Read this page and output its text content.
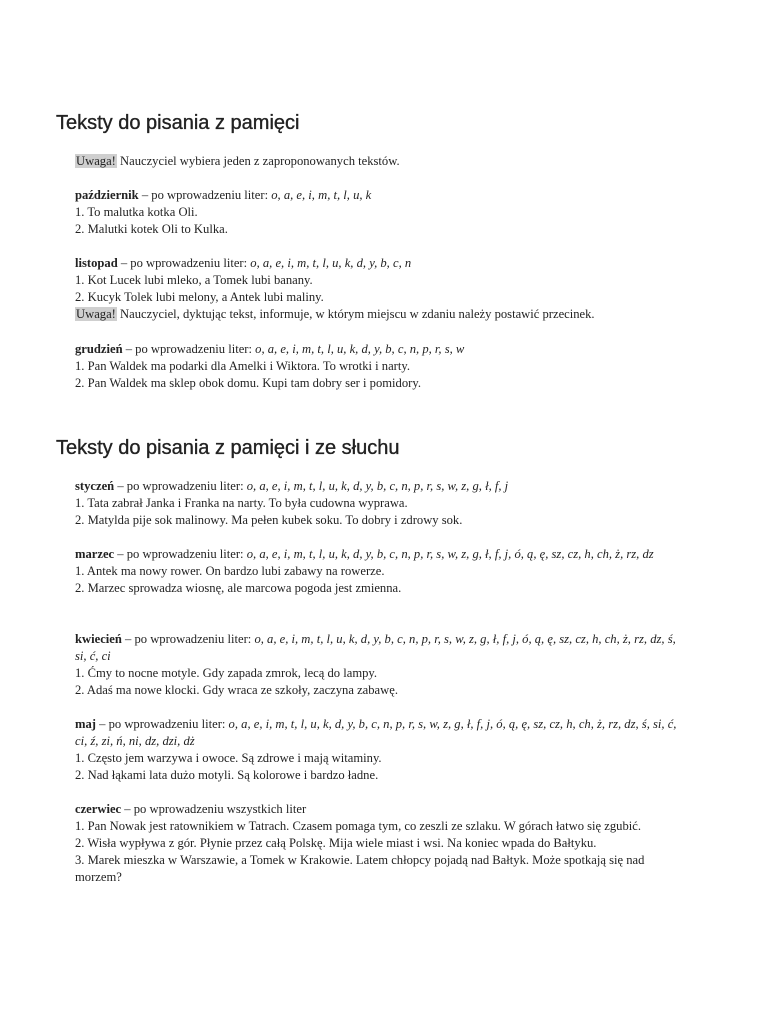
Teksty do pisania z pamięci
Uwaga! Nauczyciel wybiera jeden z zaproponowanych tekstów.
październik – po wprowadzeniu liter: o, a, e, i, m, t, l, u, k
1. To malutka kotka Oli.
2. Malutki kotek Oli to Kulka.
listopad – po wprowadzeniu liter: o, a, e, i, m, t, l, u, k, d, y, b, c, n
1. Kot Lucek lubi mleko, a Tomek lubi banany.
2. Kucyk Tolek lubi melony, a Antek lubi maliny.
Uwaga! Nauczyciel, dyktując tekst, informuje, w którym miejscu w zdaniu należy postawić przecinek.
grudzień – po wprowadzeniu liter: o, a, e, i, m, t, l, u, k, d, y, b, c, n, p, r, s, w
1. Pan Waldek ma podarki dla Amelki i Wiktora. To wrotki i narty.
2. Pan Waldek ma sklep obok domu. Kupi tam dobry ser i pomidory.
Teksty do pisania z pamięci i ze słuchu
styczeń – po wprowadzeniu liter: o, a, e, i, m, t, l, u, k, d, y, b, c, n, p, r, s, w, z, g, ł, f, j
1. Tata zabrał Janka i Franka na narty. To była cudowna wyprawa.
2. Matylda pije sok malinowy. Ma pełen kubek soku. To dobry i zdrowy sok.
marzec – po wprowadzeniu liter: o, a, e, i, m, t, l, u, k, d, y, b, c, n, p, r, s, w, z, g, ł, f, j, ó, ą, ę, sz, cz, h, ch, ż, rz, dz
1. Antek ma nowy rower. On bardzo lubi zabawy na rowerze.
2. Marzec sprowadza wiosnę, ale marcowa pogoda jest zmienna.
kwiecień – po wprowadzeniu liter: o, a, e, i, m, t, l, u, k, d, y, b, c, n, p, r, s, w, z, g, ł, f, j, ó, ą, ę, sz, cz, h, ch, ż, rz, dz, ś, si, ć, ci
1. Ćmy to nocne motyle. Gdy zapada zmrok, lecą do lampy.
2. Adaś ma nowe klocki. Gdy wraca ze szkoły, zaczyna zabawę.
maj – po wprowadzeniu liter: o, a, e, i, m, t, l, u, k, d, y, b, c, n, p, r, s, w, z, g, ł, f, j, ó, ą, ę, sz, cz, h, ch, ż, rz, dz, ś, si, ć, ci, ź, zi, ń, ni, dz, dzi, dż
1. Często jem warzywa i owoce. Są zdrowe i mają witaminy.
2. Nad łąkami lata dużo motyli. Są kolorowe i bardzo ładne.
czerwiec – po wprowadzeniu wszystkich liter
1. Pan Nowak jest ratownikiem w Tatrach. Czasem pomaga tym, co zeszli ze szlaku. W górach łatwo się zgubić.
2. Wisła wypływa z gór. Płynie przez całą Polskę. Mija wiele miast i wsi. Na koniec wpada do Bałtyku.
3. Marek mieszka w Warszawie, a Tomek w Krakowie. Latem chłopcy pojadą nad Bałtyk. Może spotkają się nad morzem?
